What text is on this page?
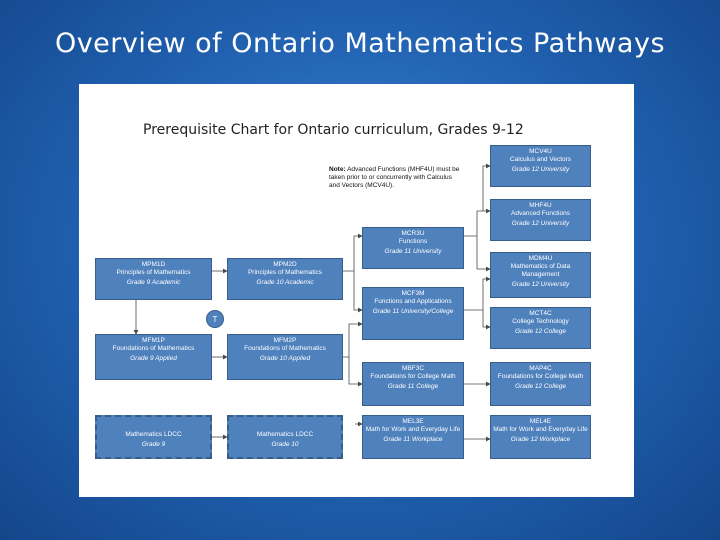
Overview of Ontario Mathematics Pathways
Prerequisite Chart for Ontario curriculum, Grades 9-12
Note: Advanced Functions (MHF4U) must be taken prior to or concurrently with Calculus and Vectors (MCV4U).
MPM1D
Principles of Mathematics
Grade 9 Academic
MFM1P
Foundations of Mathematics
Grade 9 Applied
Mathematics LDCC
Grade 9
T
MPM2D
Principles of Mathematics
Grade 10 Academic
MFM2P
Foundations of Mathematics
Grade 10 Applied
Mathematics LDCC
Grade 10
MCR3U
Functions
Grade 11 University
MCF3M
Functions and Applications
Grade 11 University/College
MBF3C
Foundations for College Math
Grade 11 College
MEL3E
Math for Work and Everyday Life
Grade 11 Workplace
MCV4U
Calculus and Vectors
Grade 12 University
MHF4U
Advanced Functions
Grade 12 University
MDM4U
Mathematics of Data Management
Grade 12 University
MCT4C
College Technology
Grade 12 College
MAP4C
Foundations for College Math
Grade 12 College
MEL4E
Math for Work and Everyday Life
Grade 12 Workplace
